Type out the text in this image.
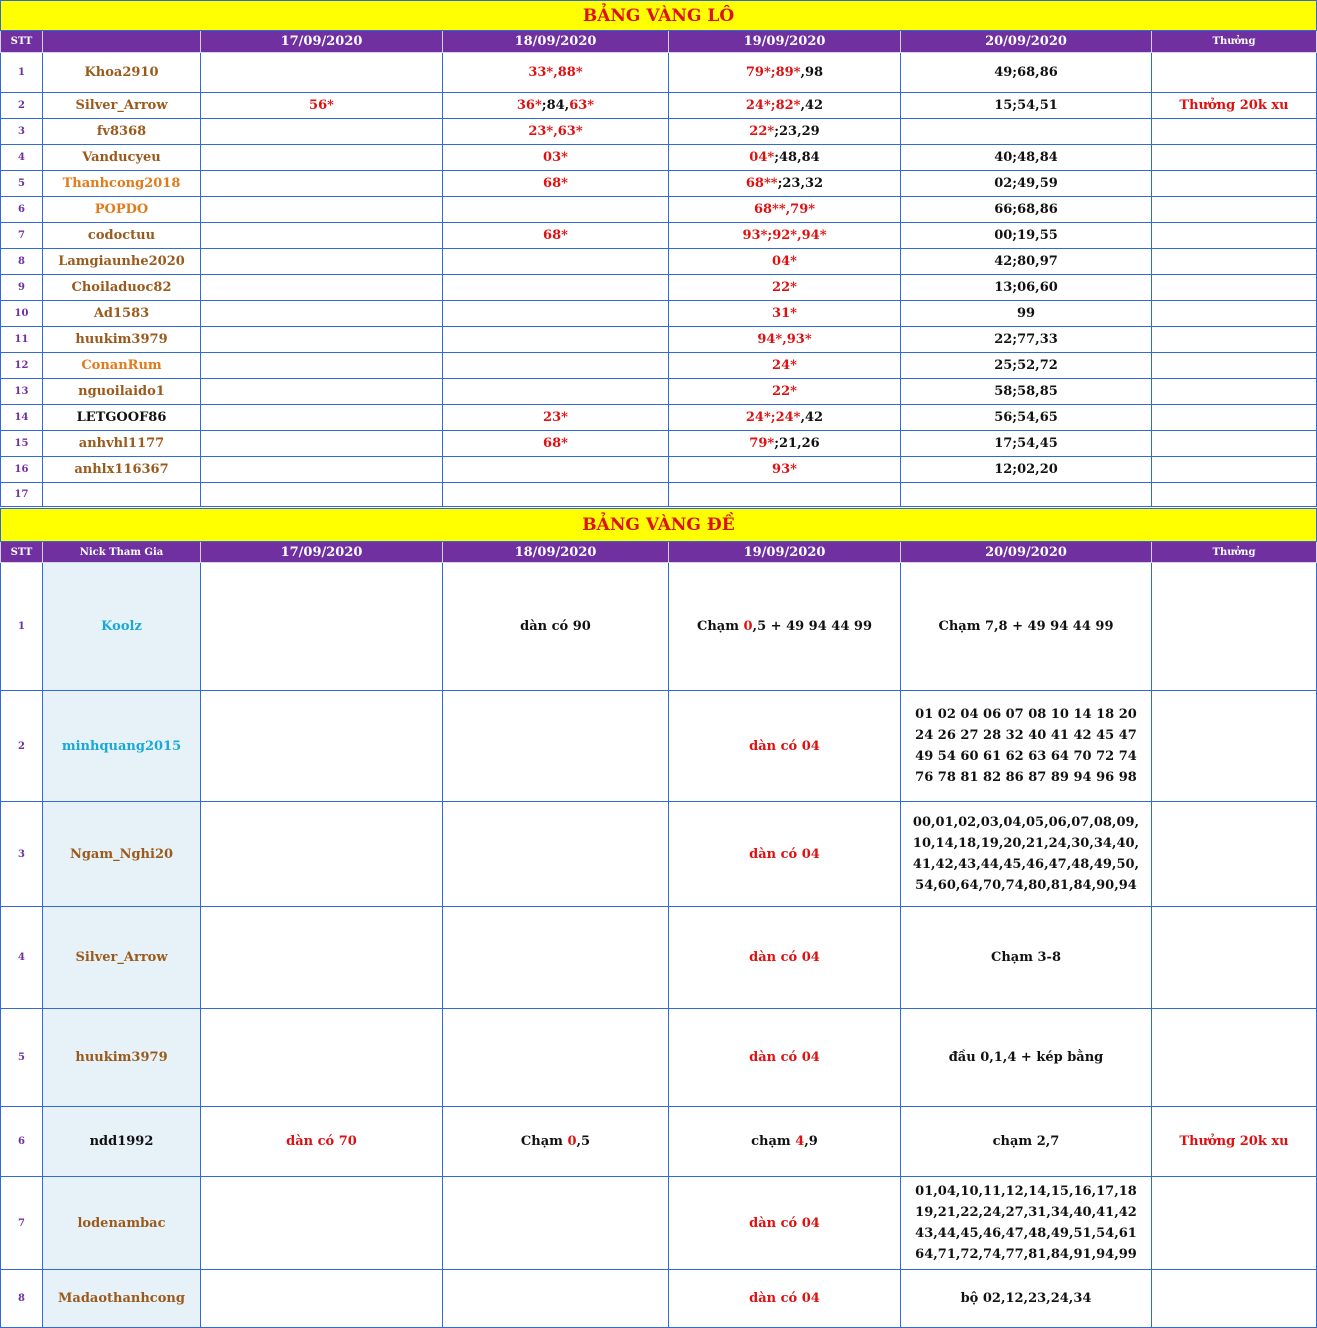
BẢNG VÀNG LÔ						
STT		17/09/2020	18/09/2020	19/09/2020	20/09/2020	Thưởng
1	Khoa2910		33*,88*	79*;89*,98	49;68,86	
2	Silver_Arrow	56*	36*;84,63*	24*;82*,42	15;54,51	Thưởng 20k xu
3	fv8368		23*,63*	22*;23,29		
4	Vanducyeu		03*	04*;48,84	40;48,84	
5	Thanhcong2018		68*	68**;23,32	02;49,59	
6	POPDO			68**,79*	66;68,86	
7	codoctuu		68*	93*;92*,94*	00;19,55	
8	Lamgiaunhe2020			04*	42;80,97	
9	Choiladuoc82			22*	13;06,60	
10	Ad1583			31*	99	
11	huukim3979			94*,93*	22;77,33	
12	ConanRum			24*	25;52,72	
13	nguoilaido1			22*	58;58,85	
14	LETGOOF86		23*	24*;24*,42	56;54,65	
15	anhvhl1177		68*	79*;21,26	17;54,45	
16	anhlx116367			93*	12;02,20	
17						
BẢNG VÀNG ĐỀ						
STT	Nick Tham Gia	17/09/2020	18/09/2020	19/09/2020	20/09/2020	Thưởng
1	Koolz		dàn có 90	Chạm 0,5 + 49 94 44 99	Chạm 7,8 + 49 94 44 99	

2	minhquang2015			dàn có 04	01 02 04 06 07 08 10 14 18 20
24 26 27 28 32 40 41 42 45 47
49 54 60 61 62 63 64 70 72 74
76 78 81 82 86 87 89 94 96 98	

3	Ngam_Nghi20			dàn có 04	00,01,02,03,04,05,06,07,08,09,
10,14,18,19,20,21,24,30,34,40,
41,42,43,44,45,46,47,48,49,50,
54,60,64,70,74,80,81,84,90,94	

4	Silver_Arrow			dàn có 04	Chạm 3-8	

5	huukim3979			dàn có 04	đầu 0,1,4 + kép bằng	

6	ndd1992	dàn có 70	Chạm 0,5	chạm 4,9	chạm 2,7	Thưởng 20k xu
7	lodenambac			dàn có 04	01,04,10,11,12,14,15,16,17,18
19,21,22,24,27,31,34,40,41,42
43,44,45,46,47,48,49,51,54,61
64,71,72,74,77,81,84,91,94,99	

8	Madaothanhcong			dàn có 04	bộ 02,12,23,24,34	
